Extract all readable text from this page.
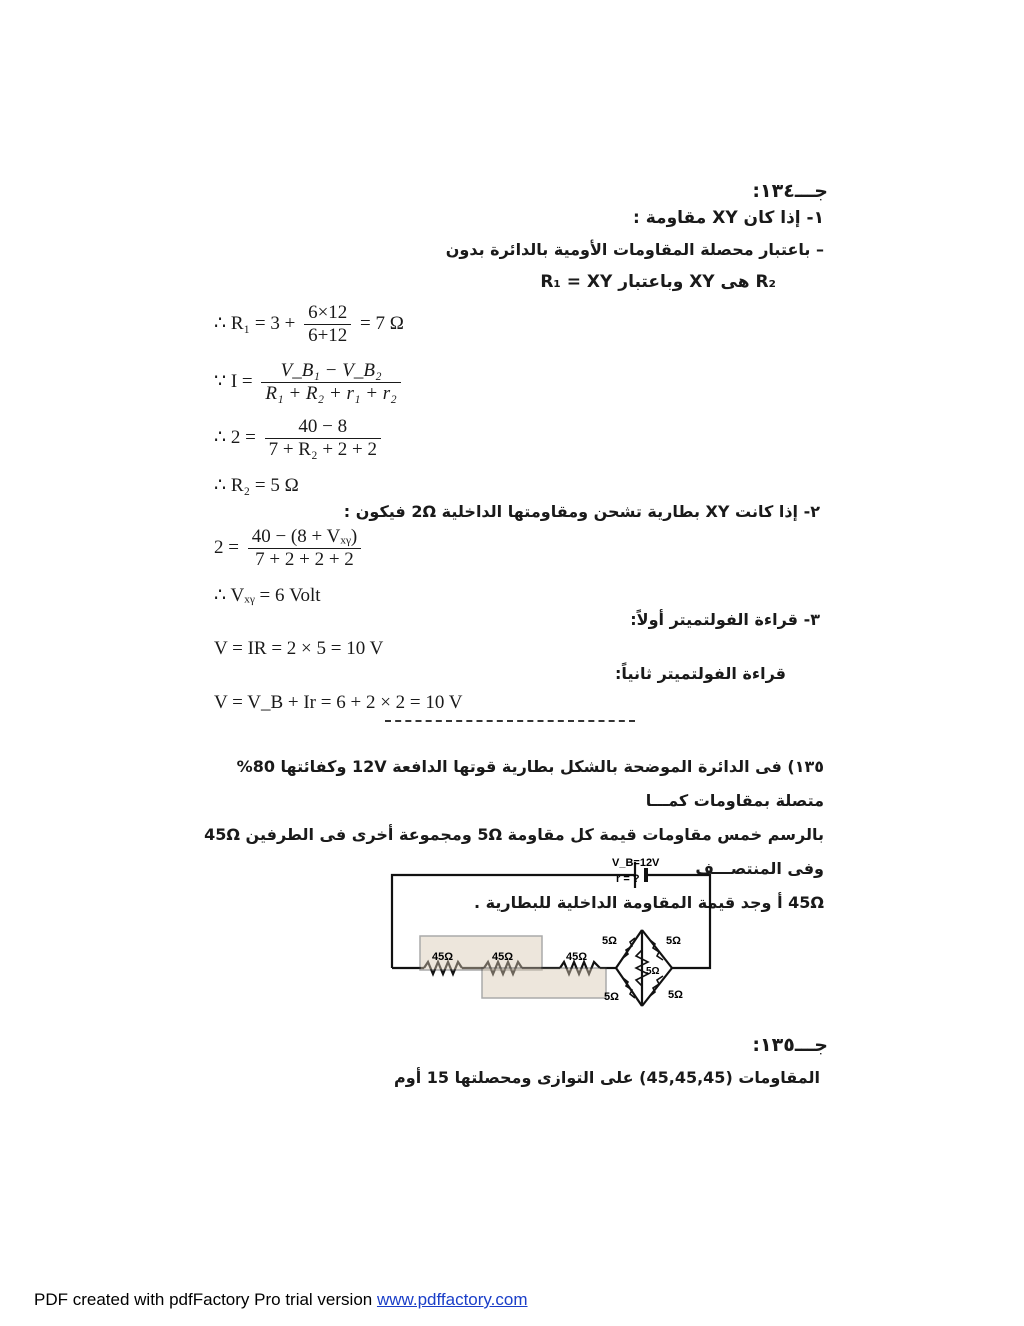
جـــ١٣٤:
١- إذا كان XY مقاومة :
– باعتبار محصلة المقاومات الأومية بالدائرة بدون
R₂ هى XY وباعتبار R₁ = XY
∴ $R_1 = 3 + \frac{6\times 12}{6+12} = 7$ Ω
∵ $I = \frac{\text{V\_B₁ − V\_B₂}}{\text{R₁ + R₂ + r₁ + r₂}}$
∴ $2 = \frac{40 - 8}{\text{7 + R₂ + 2 + 2}}$
∴ R₂ = 5 Ω
٢- إذا كانت XY بطارية تشحن ومقاومتها الداخلية 2Ω فيكون :
$2 = \frac{\text{40 − (8 + Vₓᵧ)}}{7 + 2 + 2 + 2}$
∴ Vₓᵧ = 6 Volt
٣- قراءة الفولتميتر أولاً:
V = IR = 2 × 5 = 10 V
قراءة الفولتميتر ثانياً:
V = V_B + Ir = 6 + 2 × 2 = 10 V
١٣٥) فى الدائرة الموضحة بالشكل بطارية قوتها الدافعة 12V وكفائتها 80% متصلة بمقاومات كمـــا
بالرسم خمس مقاومات قيمة كل مقاومة 5Ω ومجموعة أخرى فى الطرفين 45Ω وفى المنتصـــف
45Ω أ وجد قيمة المقاومة الداخلية للبطارية .
V_B=12V
r = ?
45Ω	45Ω	45Ω
5Ω	5Ω
5Ω
5Ω	5Ω
جـــ١٣٥:
المقاومات (45,45,45) على التوازى ومحصلتها 15 أوم
PDF created with pdfFactory Pro trial version www.pdffactory.com
